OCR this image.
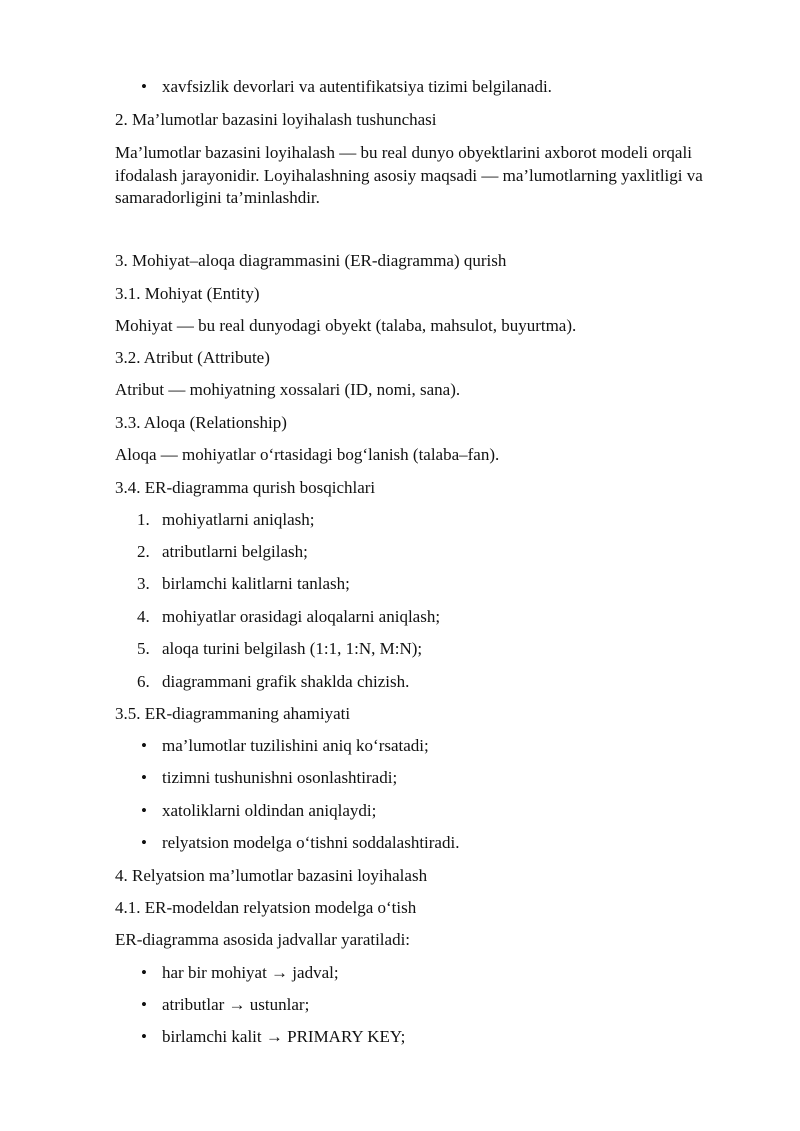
• xavfsizlik devorlari va autentifikatsiya tizimi belgilanadi.
2. Ma’lumotlar bazasini loyihalash tushunchasi
Ma’lumotlar bazasini loyihalash — bu real dunyo obyektlarini axborot modeli orqali ifodalash jarayonidir. Loyihalashning asosiy maqsadi — ma’lumotlarning yaxlitligi va samaradorligini ta’minlashdir.
3. Mohiyat–aloqa diagrammasini (ER-diagramma) qurish
3.1. Mohiyat (Entity)
Mohiyat — bu real dunyodagi obyekt (talaba, mahsulot, buyurtma).
3.2. Atribut (Attribute)
Atribut — mohiyatning xossalari (ID, nomi, sana).
3.3. Aloqa (Relationship)
Aloqa — mohiyatlar o‘rtasidagi bog‘lanish (talaba–fan).
3.4. ER-diagramma qurish bosqichlari
1. mohiyatlarni aniqlash;
2. atributlarni belgilash;
3. birlamchi kalitlarni tanlash;
4. mohiyatlar orasidagi aloqalarni aniqlash;
5. aloqa turini belgilash (1:1, 1:N, M:N);
6. diagrammani grafik shaklda chizish.
3.5. ER-diagrammaning ahamiyati
• ma’lumotlar tuzilishini aniq ko‘rsatadi;
• tizimni tushunishni osonlashtiradi;
• xatoliklarni oldindan aniqlaydi;
• relyatsion modelga o‘tishni soddalashtiradi.
4. Relyatsion ma’lumotlar bazasini loyihalash
4.1. ER-modeldan relyatsion modelga o‘tish
ER-diagramma asosida jadvallar yaratiladi:
• har bir mohiyat → jadval;
• atributlar → ustunlar;
• birlamchi kalit → PRIMARY KEY;
